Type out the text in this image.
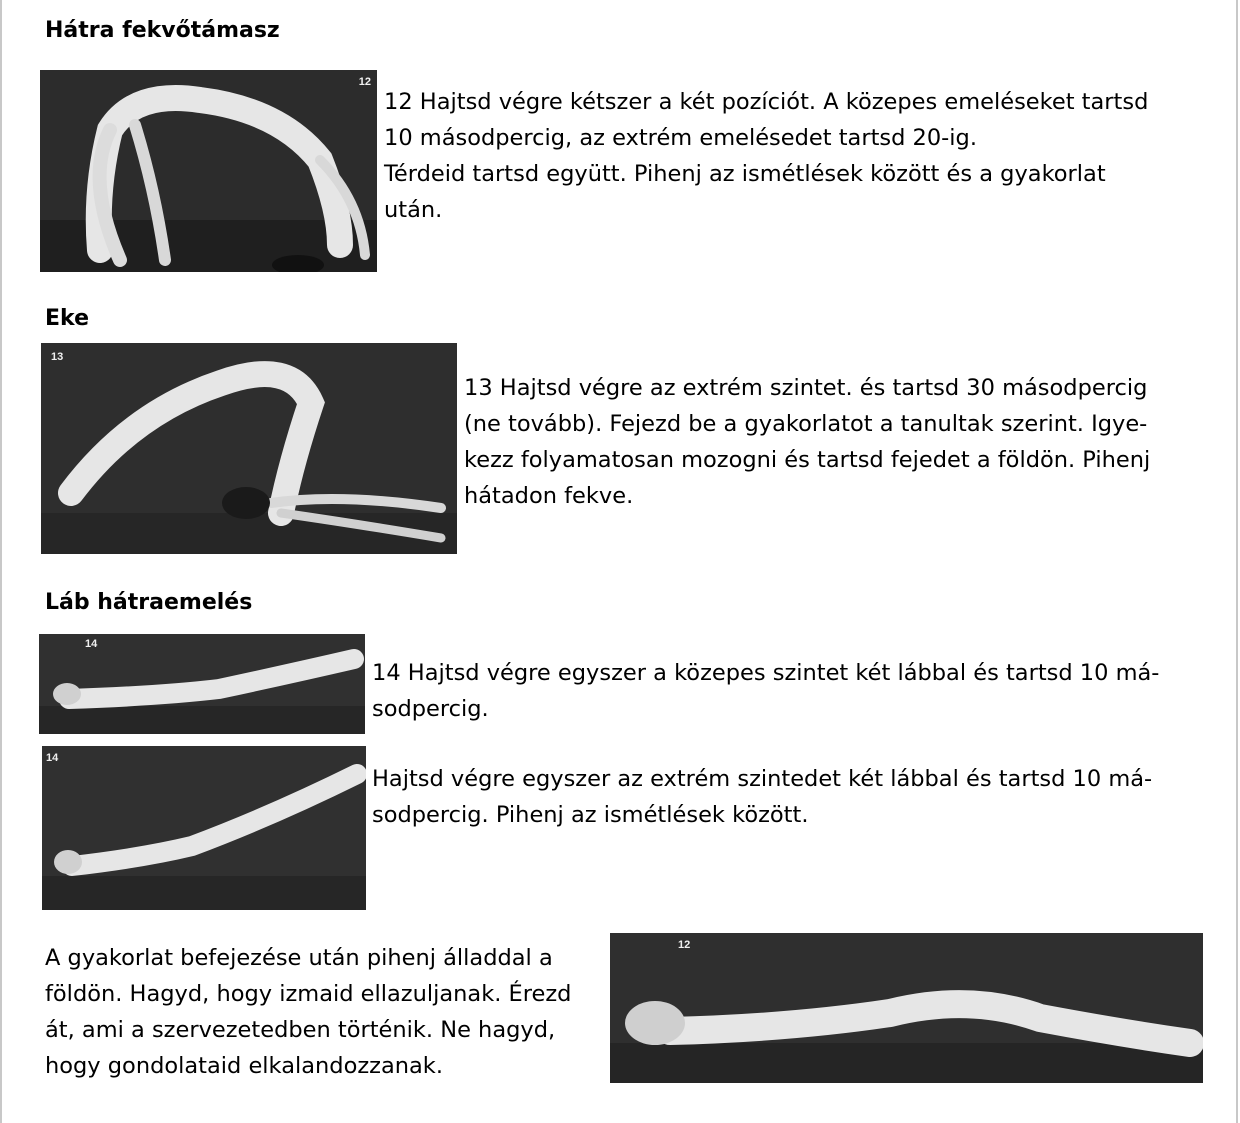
Hátra fekvőtámasz
12
12 Hajtsd végre kétszer a két pozíciót. A közepes emeléseket tartsd
10 másodpercig, az extrém emelésedet tartsd 20-ig.
Térdeid tartsd együtt. Pihenj az ismétlések között és a gyakorlat
után.
Eke
13
13 Hajtsd végre az extrém szintet. és tartsd 30 másodpercig
(ne tovább). Fejezd be a gyakorlatot a tanultak szerint. Igye-
kezz folyamatosan mozogni és tartsd fejedet a földön. Pihenj
hátadon fekve.
Láb hátraemelés
14
14
14 Hajtsd végre egyszer a közepes szintet két lábbal és tartsd 10 má-
sodpercig.
Hajtsd végre egyszer az extrém szintedet két lábbal és tartsd 10 má-
sodpercig. Pihenj az ismétlések között.
A gyakorlat befejezése után pihenj álladdal a
földön. Hagyd, hogy izmaid ellazuljanak. Érezd
át, ami a szervezetedben történik. Ne hagyd,
hogy gondolataid elkalandozzanak.
12
